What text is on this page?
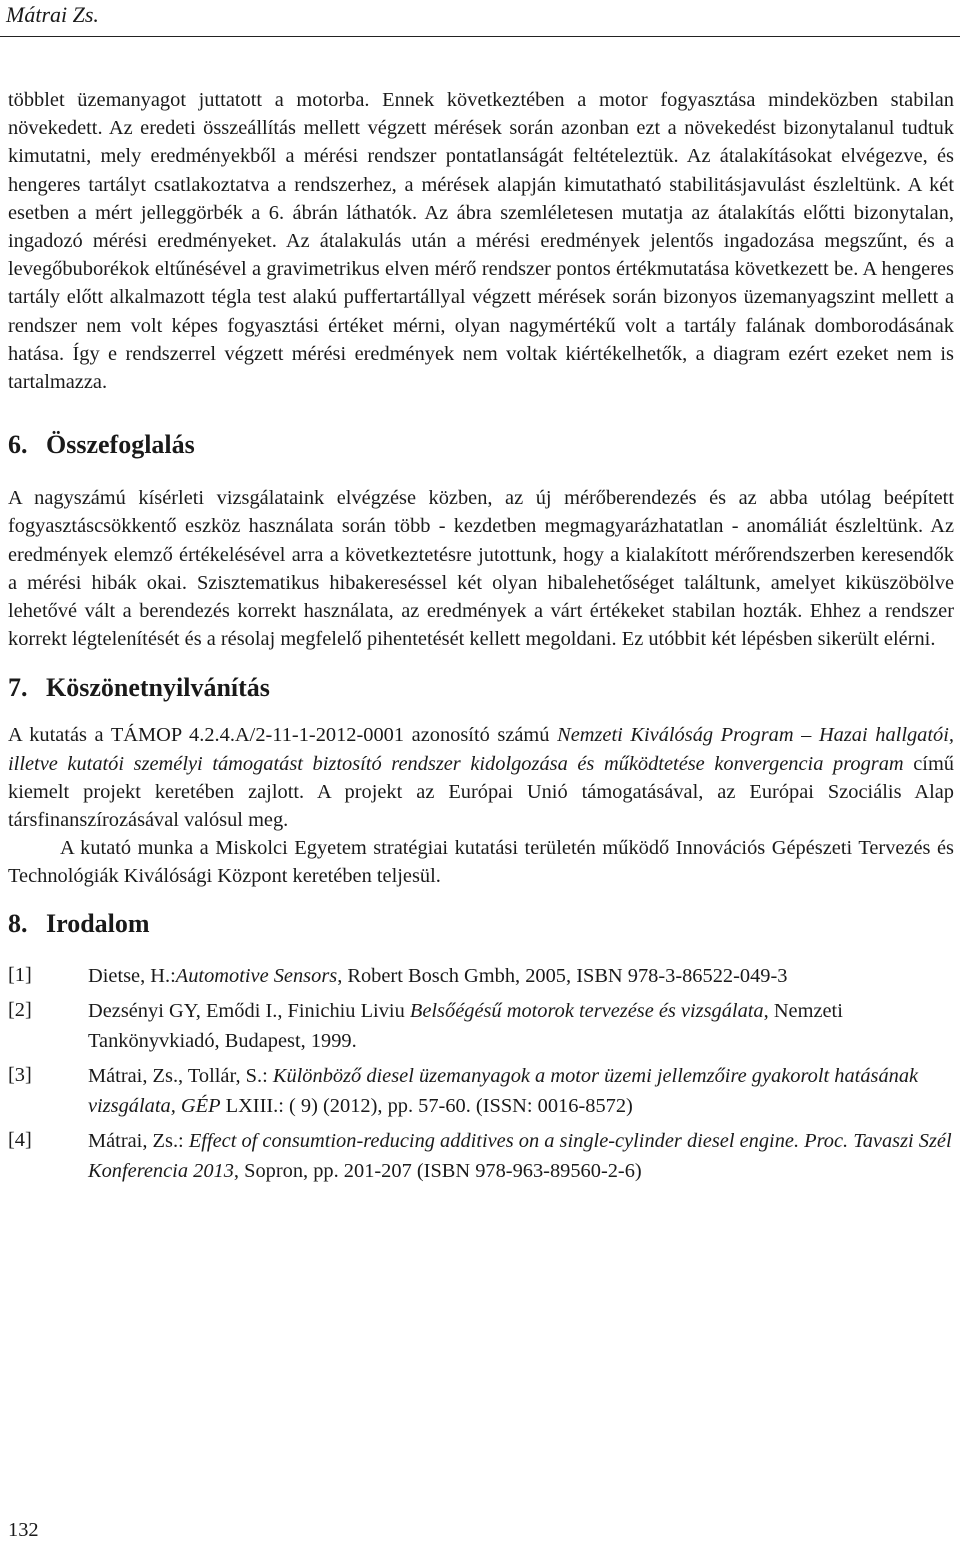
Mátrai Zs.

többlet üzemanyagot juttatott a motorba. Ennek következtében a motor fogyasztása mindeközben stabilan növekedett. Az eredeti összeállítás mellett végzett mérések során azonban ezt a növekedést bizonytalanul tudtuk kimutatni, mely eredményekből a mérési rendszer pontatlanságát feltételeztük. Az átalakításokat elvégezve, és hengeres tartályt csatlakoztatva a rendszerhez, a mérések alapján kimutatható stabilitásjavulást észleltünk. A két esetben a mért jelleggörbék a 6. ábrán láthatók. Az ábra szemléletesen mutatja az átalakítás előtti bizonytalan, ingadozó mérési eredményeket. Az átalakulás után a mérési eredmények jelentős ingadozása megszűnt, és a levegőbuborékok eltűnésével a gravimetrikus elven mérő rendszer pontos értékmutatása következett be. A hengeres tartály előtt alkalmazott tégla test alakú puffertartállyal végzett mérések során bizonyos üzemanyagszint mellett a rendszer nem volt képes fogyasztási értéket mérni, olyan nagymértékű volt a tartály falának domborodásának hatása. Így e rendszerrel végzett mérési eredmények nem voltak kiértékelhetők, a diagram ezért ezeket nem is tartalmazza.

6. Összefoglalás

A nagyszámú kísérleti vizsgálataink elvégzése közben, az új mérőberendezés és az abba utólag beépített fogyasztáscsökkentő eszköz használata során több - kezdetben megmagyarázhatatlan - anomáliát észleltünk. Az eredmények elemző értékelésével arra a következtetésre jutottunk, hogy a kialakított mérőrendszerben keresendők a mérési hibák okai. Szisztematikus hibakereséssel két olyan hibalehetőséget találtunk, amelyet kiküszöbölve lehetővé vált a berendezés korrekt használata, az eredmények a várt értékeket stabilan hozták. Ehhez a rendszer korrekt légtelenítését és a résolaj megfelelő pihentetését kellett megoldani. Ez utóbbit két lépésben sikerült elérni.

7. Köszönetnyilvánítás

A kutatás a TÁMOP 4.2.4.A/2-11-1-2012-0001 azonosító számú Nemzeti Kiválóság Program – Hazai hallgatói, illetve kutatói személyi támogatást biztosító rendszer kidolgozása és működtetése konvergencia program című kiemelt projekt keretében zajlott. A projekt az Európai Unió támogatásával, az Európai Szociális Alap társfinanszírozásával valósul meg.

A kutató munka a Miskolci Egyetem stratégiai kutatási területén működő Innovációs Gépészeti Tervezés és Technológiák Kiválósági Központ keretében teljesül.

8. Irodalom
[1]	Dietse, H.:Automotive Sensors, Robert Bosch Gmbh, 2005, ISBN 978-3-86522-049-3
[2]	Dezsényi GY, Emődi I., Finichiu Liviu Belsőégésű motorok tervezése és vizsgálata, Nemzeti Tankönyvkiadó, Budapest, 1999.
[3]	Mátrai, Zs., Tollár, S.: Különböző diesel üzemanyagok a motor üzemi jellemzőire gyakorolt hatásának vizsgálata, GÉP LXIII.: ( 9) (2012), pp. 57-60. (ISSN: 0016-8572)
[4]	Mátrai, Zs.: Effect of consumtion-reducing additives on a single-cylinder diesel engine. Proc. Tavaszi Szél Konferencia 2013, Sopron, pp. 201-207 (ISBN 978-963-89560-2-6)
132
